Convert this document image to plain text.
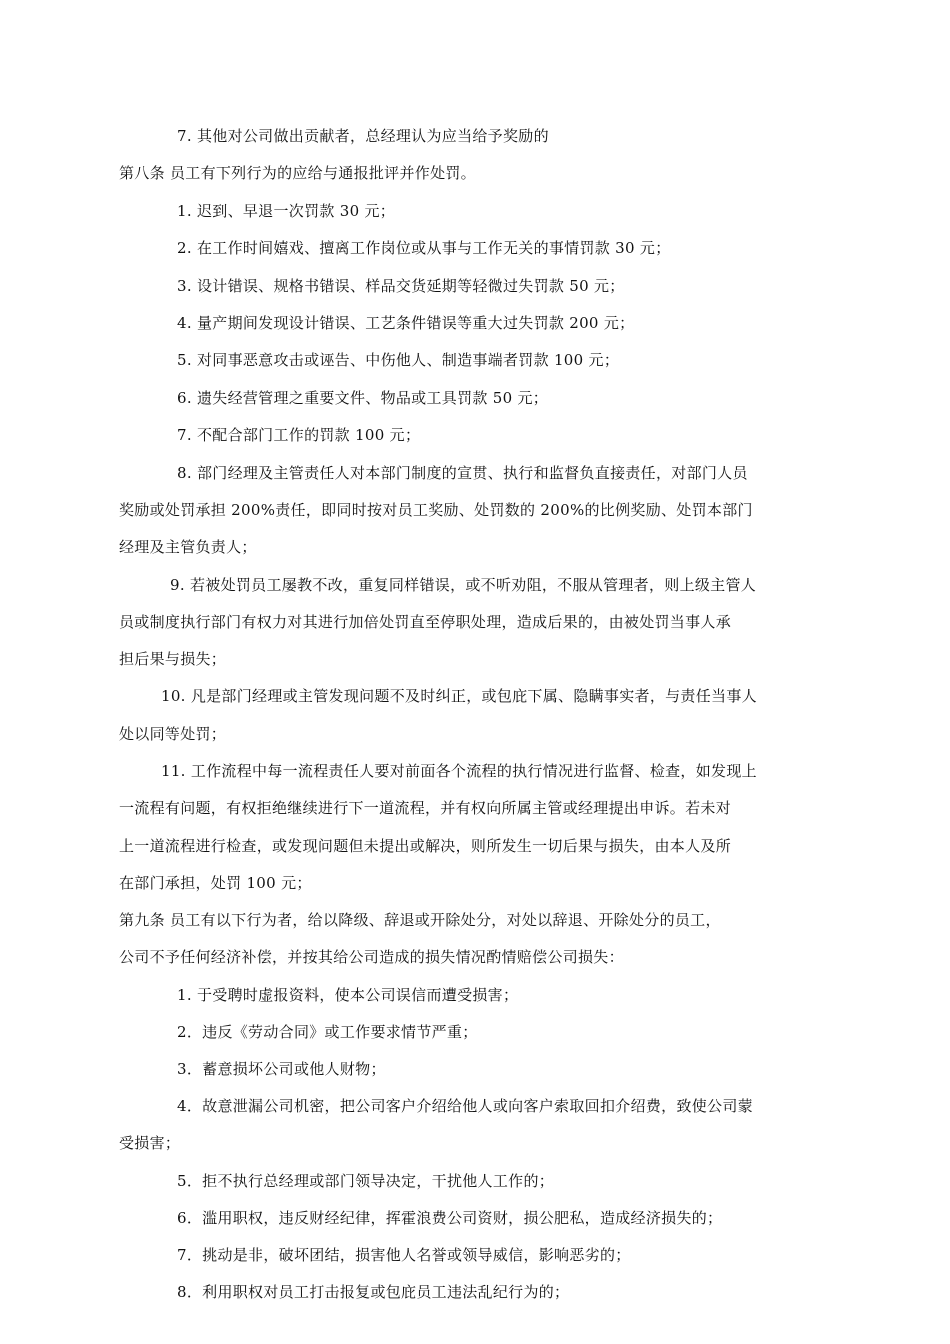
7. 其他对公司做出贡献者，总经理认为应当给予奖励的
第八条 员工有下列行为的应给与通报批评并作处罚。
1. 迟到、早退一次罚款 30 元；
2. 在工作时间嬉戏、擅离工作岗位或从事与工作无关的事情罚款 30 元；
3. 设计错误、规格书错误、样品交货延期等轻微过失罚款 50 元；
4. 量产期间发现设计错误、工艺条件错误等重大过失罚款 200 元；
5. 对同事恶意攻击或诬告、中伤他人、制造事端者罚款 100 元；
6. 遗失经营管理之重要文件、物品或工具罚款 50 元；
7. 不配合部门工作的罚款 100 元；
8. 部门经理及主管责任人对本部门制度的宣贯、执行和监督负直接责任，对部门人员
奖励或处罚承担 200%责任，即同时按对员工奖励、处罚数的 200%的比例奖励、处罚本部门
经理及主管负责人；
9. 若被处罚员工屡教不改，重复同样错误，或不听劝阻，不服从管理者，则上级主管人
员或制度执行部门有权力对其进行加倍处罚直至停职处理，造成后果的，由被处罚当事人承
担后果与损失；
10. 凡是部门经理或主管发现问题不及时纠正，或包庇下属、隐瞒事实者，与责任当事人
处以同等处罚；
11. 工作流程中每一流程责任人要对前面各个流程的执行情况进行监督、检查，如发现上
一流程有问题，有权拒绝继续进行下一道流程，并有权向所属主管或经理提出申诉。若未对
上一道流程进行检查，或发现问题但未提出或解决，则所发生一切后果与损失，由本人及所
在部门承担，处罚 100 元；
第九条 员工有以下行为者，给以降级、辞退或开除处分，对处以辞退、开除处分的员工，
公司不予任何经济补偿，并按其给公司造成的损失情况酌情赔偿公司损失：
1. 于受聘时虚报资料，使本公司误信而遭受损害；
2．违反《劳动合同》或工作要求情节严重；
3．蓄意损坏公司或他人财物；
4．故意泄漏公司机密，把公司客户介绍给他人或向客户索取回扣介绍费，致使公司蒙
受损害；
5．拒不执行总经理或部门领导决定，干扰他人工作的；
6．滥用职权，违反财经纪律，挥霍浪费公司资财，损公肥私，造成经济损失的；
7．挑动是非，破坏团结，损害他人名誉或领导威信，影响恶劣的；
8．利用职权对员工打击报复或包庇员工违法乱纪行为的；
